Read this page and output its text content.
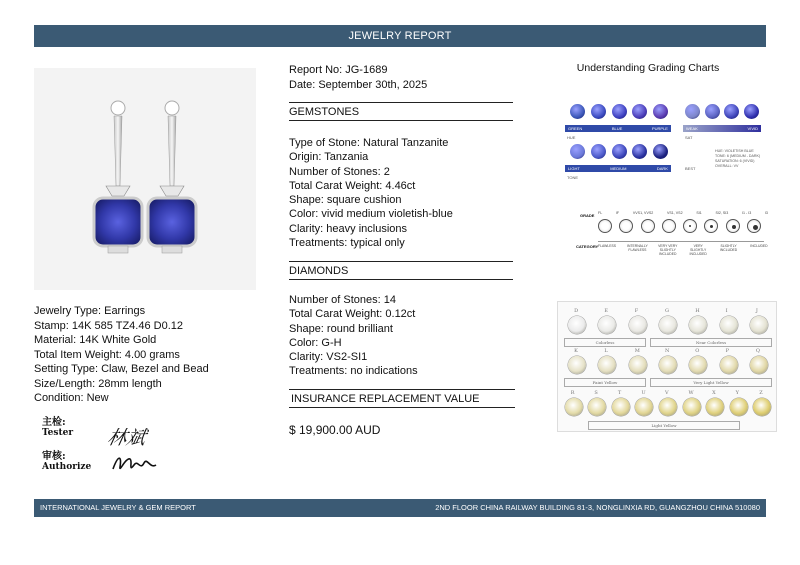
JEWELRY REPORT
Jewelry Type: Earrings
Stamp: 14K 585 TZ4.46 D0.12
Material: 14K White Gold
Total Item Weight: 4.00 grams
Setting Type: Claw, Bezel and Bead
Size/Length: 28mm length
Condition: New
主检:
Tester
审核:
Authorize
林斌
Report No: JG-1689
Date: September 30th, 2025
GEMSTONES
Type of Stone: Natural Tanzanite
Origin: Tanzania
Number of Stones: 2
Total Carat Weight: 4.46ct
Shape: square cushion
Color: vivid medium violetish-blue
Clarity: heavy inclusions
Treatments: typical only
DIAMONDS
Number of Stones: 14
Total Carat Weight: 0.12ct
Shape: round brilliant
Color: G-H
Clarity: VS2-SI1
Treatments: no indications
INSURANCE REPLACEMENT VALUE
$ 19,900.00 AUD
Understanding Grading Charts
GREEN	BLUE	PURPLE
HUE
LIGHT	MEDIUM	DARK
TONE
WEAK	VIVID
SAT
BEST
HUE: VIOLETISH BLUE
TONE: 6 (MEDIUM - DARK)
SATURATION: 6 (VIVID)
OVERALL: VV
GRADE
CATEGORY
FL	IF	VVS1, VVS2	VS1, VS2	SI1	SI2, SI3	I1 - I3	I3
FLAWLESS	INTERNALLY FLAWLESS
VERY VERY SLIGHTLY INCLUDED
VERY SLIGHTLY INCLUDED
SLIGHTLY INCLUDED
INCLUDED
D	E	F	G	H	I	J
Colorless	Near Colorless
K	L	M	N	O	P	Q
Faint Yellow	Very Light Yellow
R	S	T	U	V	W	X	Y	Z
Light Yellow
INTERNATIONAL JEWELRY & GEM REPORT	2ND FLOOR CHINA RAILWAY BUILDING 81-3, NONGLINXIA RD, GUANGZHOU CHINA 510080
